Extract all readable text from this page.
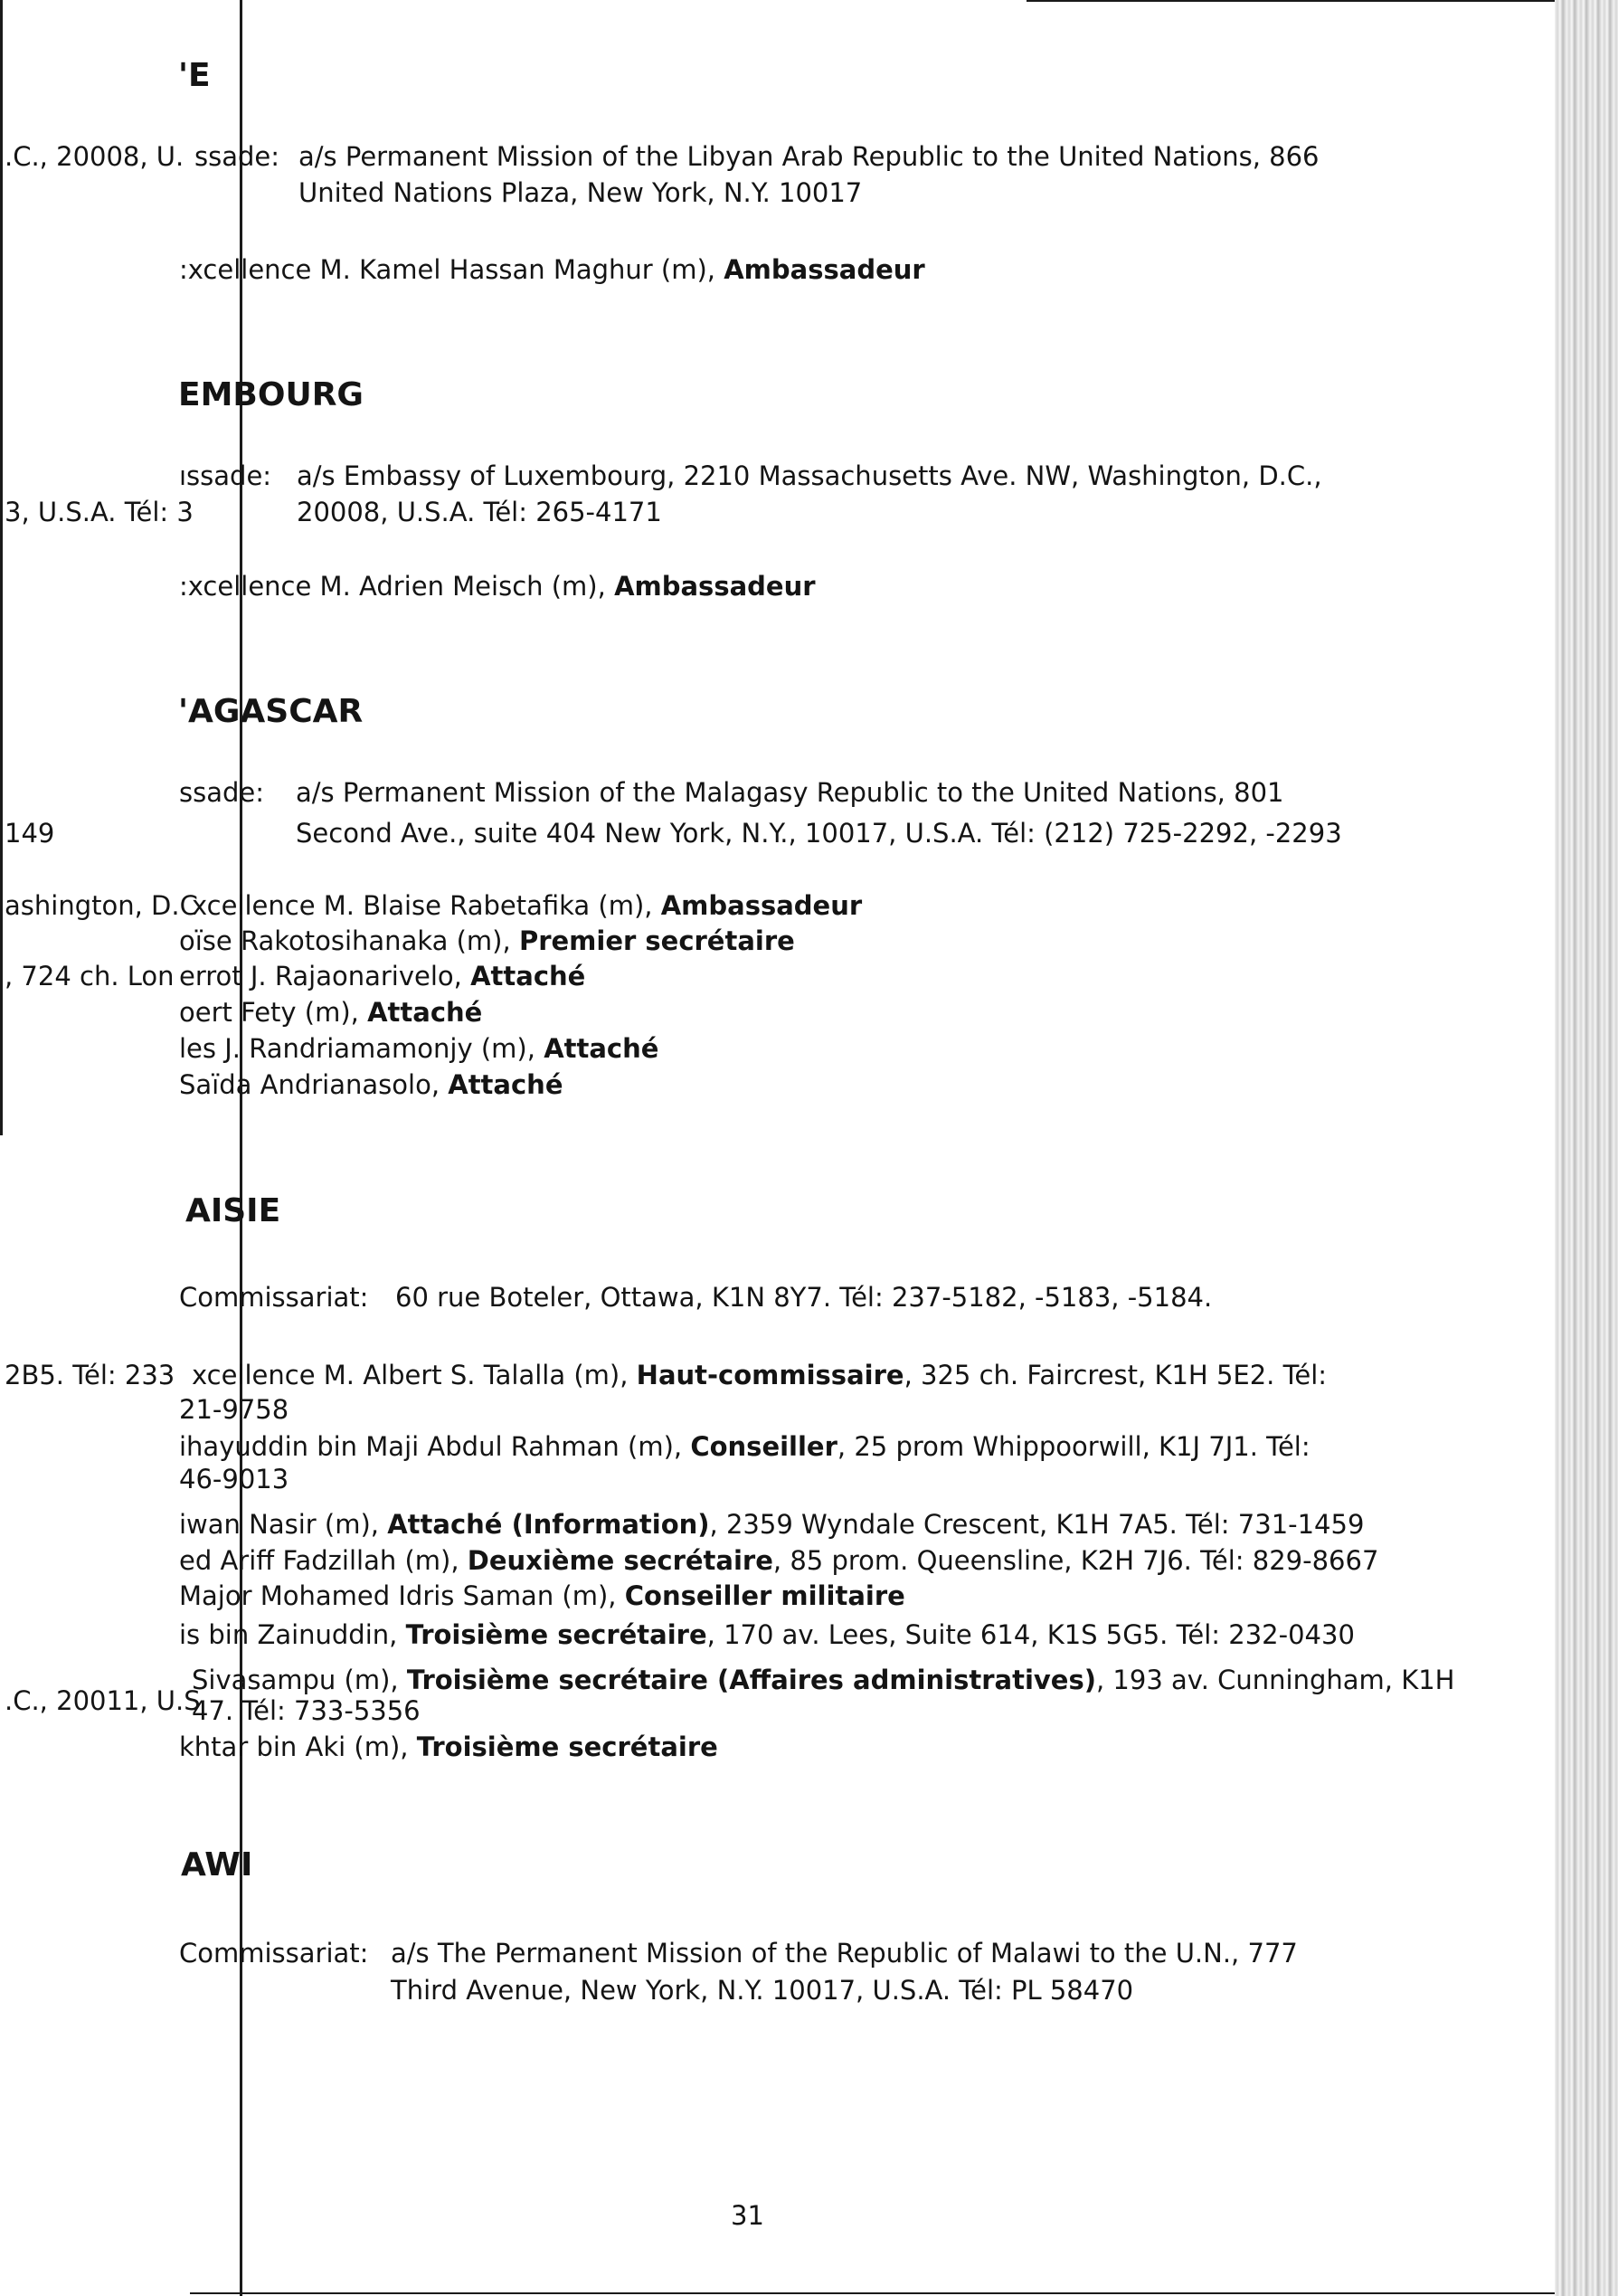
'E
.C., 20008, U. ssade: a/s Permanent Mission of the Libyan Arab Republic to the United Nations, 866
United Nations Plaza, New York, N.Y. 10017
:xcellence M. Kamel Hassan Maghur (m), Ambassadeur
EMBOURG
ıssade: a/s Embassy of Luxembourg, 2210 Massachusetts Ave. NW, Washington, D.C.,
3, U.S.A. Tél: 3	20008, U.S.A. Tél: 265-4171
:xcellence M. Adrien Meisch (m), Ambassadeur
'AGASCAR
ssade: a/s Permanent Mission of the Malagasy Republic to the United Nations, 801
149	Second Ave., suite 404 New York, N.Y., 10017, U.S.A. Tél: (212) 725-2292, -2293
ashington, D.C
xcellence M. Blaise Rabetafika (m), Ambassadeur
oïse Rakotosihanaka (m), Premier secrétaire
, 724 ch. Lon errot J. Rajaonarivelo, Attaché
oert Fety (m), Attaché
les J. Randriamamonjy (m), Attaché
Saïda Andrianasolo, Attaché
AISIE
Commissariat: 60 rue Boteler, Ottawa, K1N 8Y7. Tél: 237-5182, -5183, -5184.
2B5. Tél: 233 xcellence M. Albert S. Talalla (m), Haut-commissaire, 325 ch. Faircrest, K1H 5E2. Tél:
21-9758
ihayuddin bin Maji Abdul Rahman (m), Conseiller, 25 prom Whippoorwill, K1J 7J1. Tél:
46-9013
iwan Nasir (m), Attaché (Information), 2359 Wyndale Crescent, K1H 7A5. Tél: 731-1459
ed Ariff Fadzillah (m), Deuxième secrétaire, 85 prom. Queensline, K2H 7J6. Tél: 829-8667
Major Mohamed Idris Saman (m), Conseiller militaire
is bin Zainuddin, Troisième secrétaire, 170 av. Lees, Suite 614, K1S 5G5. Tél: 232-0430
.C., 20011, U.S
Sivasampu (m), Troisième secrétaire (Affaires administratives), 193 av. Cunningham, K1H
47. Tél: 733-5356
khtar bin Aki (m), Troisième secrétaire
AWI
Commissariat: a/s The Permanent Mission of the Republic of Malawi to the U.N., 777
Third Avenue, New York, N.Y. 10017, U.S.A. Tél: PL 58470
31
